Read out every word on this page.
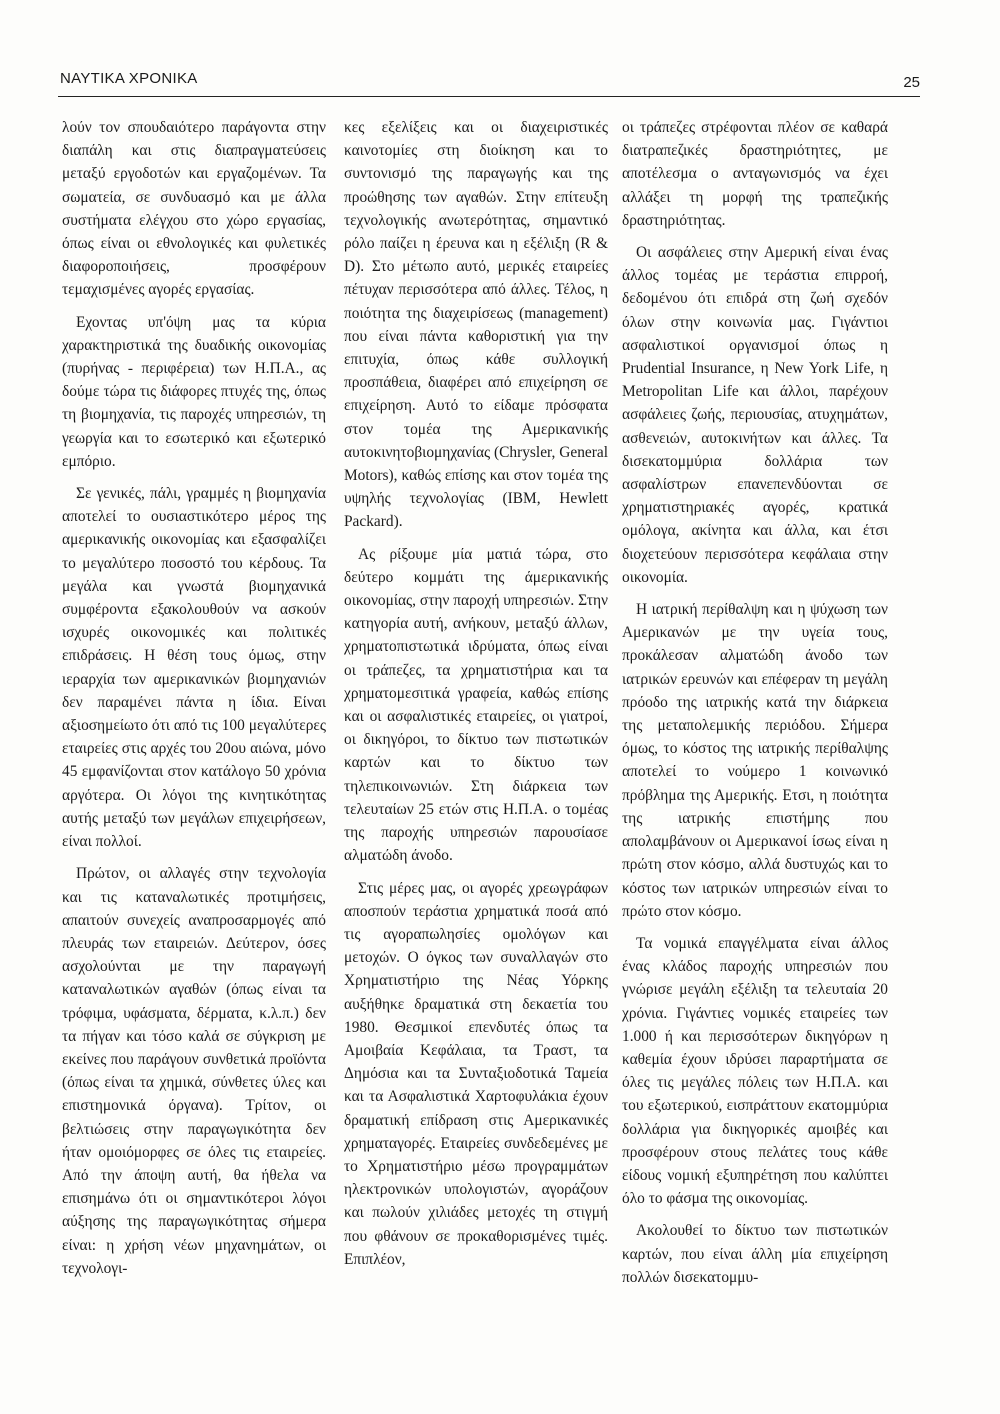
ΝΑΥΤΙΚΑ ΧΡΟΝΙΚΑ	25

λούν τον σπουδαιότερο παράγοντα στην διαπάλη και στις διαπραγματεύσεις μεταξύ εργοδοτών και εργαζομένων. Τα σωματεία, σε συνδυασμό και με άλλα συστήματα ελέγχου στο χώρο εργασίας, όπως είναι οι εθνολογικές και φυλετικές διαφοροποιήσεις, προσφέρουν τεμαχισμένες αγορές εργασίας.

Εχοντας υπ'όψη μας τα κύρια χαρακτηριστικά της δυαδικής οικονομίας (πυρήνας - περιφέρεια) των Η.Π.Α., ας δούμε τώρα τις διάφορες πτυχές της, όπως τη βιομηχανία, τις παροχές υπηρεσιών, τη γεωργία και το εσωτερικό και εξωτερικό εμπόριο.

Σε γενικές, πάλι, γραμμές η βιομηχανία αποτελεί το ουσιαστικότερο μέρος της αμερικανικής οικονομίας και εξασφαλίζει το μεγαλύτερο ποσοστό του κέρδους. Τα μεγάλα και γνωστά βιομηχανικά συμφέροντα εξακολουθούν να ασκούν ισχυρές οικονομικές και πολιτικές επιδράσεις. Η θέση τους όμως, στην ιεραρχία των αμερικανικών βιομηχανιών δεν παραμένει πάντα η ίδια. Είναι αξιοσημείωτο ότι από τις 100 μεγαλύτερες εταιρείες στις αρχές του 20ου αιώνα, μόνο 45 εμφανίζονται στον κατάλογο 50 χρόνια αργότερα. Οι λόγοι της κινητικότητας αυτής μεταξύ των μεγάλων επιχειρήσεων, είναι πολλοί.

Πρώτον, οι αλλαγές στην τεχνολογία και τις καταναλωτικές προτιμήσεις, απαιτούν συνεχείς αναπροσαρμογές από πλευράς των εταιρειών. Δεύτερον, όσες ασχολούνται με την παραγωγή καταναλωτικών αγαθών (όπως είναι τα τρόφιμα, υφάσματα, δέρματα, κ.λ.π.) δεν τα πήγαν και τόσο καλά σε σύγκριση με εκείνες που παράγουν συνθετικά προϊόντα (όπως είναι τα χημικά, σύνθετες ύλες και επιστημονικά όργανα). Τρίτον, οι βελτιώσεις στην παραγωγικότητα δεν ήταν ομοιόμορφες σε όλες τις εταιρείες. Από την άποψη αυτή, θα ήθελα να επισημάνω ότι οι σημαντικότεροι λόγοι αύξησης της παραγωγικότητας σήμερα είναι: η χρήση νέων μηχανημάτων, οι τεχνολογι-

κες εξελίξεις και οι διαχειριστικές καινοτομίες στη διοίκηση και το συντονισμό της παραγωγής και της προώθησης των αγαθών. Στην επίτευξη τεχνολογικής ανωτερότητας, σημαντικό ρόλο παίζει η έρευνα και η εξέλιξη (R & D). Στο μέτωπο αυτό, μερικές εταιρείες πέτυχαν περισσότερα από άλλες. Τέλος, η ποιότητα της διαχειρίσεως (management) που είναι πάντα καθοριστική για την επιτυχία, όπως κάθε συλλογική προσπάθεια, διαφέρει από επιχείρηση σε επιχείρηση. Αυτό το είδαμε πρόσφατα στον τομέα της Αμερικανικής αυτοκινητοβιομηχανίας (Chrysler, General Motors), καθώς επίσης και στον τομέα της υψηλής τεχνολογίας (IBM, Hewlett Packard).

Ας ρίξουμε μία ματιά τώρα, στο δεύτερο κομμάτι της άμερικανικής οικονομίας, στην παροχή υπηρεσιών. Στην κατηγορία αυτή, ανήκουν, μεταξύ άλλων, χρηματοπιστωτικά ιδρύματα, όπως είναι οι τράπεζες, τα χρηματιστήρια και τα χρηματομεσιτικά γραφεία, καθώς επίσης και οι ασφαλιστικές εταιρείες, οι γιατροί, οι δικηγόροι, το δίκτυο των πιστωτικών καρτών και το δίκτυο των τηλεπικοινωνιών. Στη διάρκεια των τελευταίων 25 ετών στις Η.Π.Α. ο τομέας της παροχής υπηρεσιών παρουσίασε αλματώδη άνοδο.

Στις μέρες μας, οι αγορές χρεωγράφων αποσπούν τεράστια χρηματικά ποσά από τις αγοραπωλησίες ομολόγων και μετοχών. Ο όγκος των συναλλαγών στο Χρηματιστήριο της Νέας Υόρκης αυξήθηκε δραματικά στη δεκαετία του 1980. Θεσμικοί επενδυτές όπως τα Αμοιβαία Κεφάλαια, τα Τραστ, τα Δημόσια και τα Συνταξιοδοτικά Ταμεία και τα Ασφαλιστικά Χαρτοφυλάκια έχουν δραματική επίδραση στις Αμερικανικές χρηματαγορές. Εταιρείες συνδεδεμένες με το Χρηματιστήριο μέσω προγραμμάτων ηλεκτρονικών υπολογιστών, αγοράζουν και πωλούν χιλιάδες μετοχές τη στιγμή που φθάνουν σε προκαθορισμένες τιμές. Επιπλέον,

οι τράπεζες στρέφονται πλέον σε καθαρά διατραπεζικές δραστηριότητες, με αποτέλεσμα ο ανταγωνισμός να έχει αλλάξει τη μορφή της τραπεζικής δραστηριότητας.

Οι ασφάλειες στην Αμερική είναι ένας άλλος τομέας με τεράστια επιρροή, δεδομένου ότι επιδρά στη ζωή σχεδόν όλων στην κοινωνία μας. Γιγάντιοι ασφαλιστικοί οργανισμοί όπως η Prudential Insurance, η New York Life, η Metropolitan Life και άλλοι, παρέχουν ασφάλειες ζωής, περιουσίας, ατυχημάτων, ασθενειών, αυτοκινήτων και άλλες. Τα δισεκατομμύρια δολλάρια των ασφαλίστρων επανεπενδύονται σε χρηματιστηριακές αγορές, κρατικά ομόλογα, ακίνητα και άλλα, και έτσι διοχετεύουν περισσότερα κεφάλαια στην οικονομία.

Η ιατρική περίθαλψη και η ψύχωση των Αμερικανών με την υγεία τους, προκάλεσαν αλματώδη άνοδο των ιατρικών ερευνών και επέφεραν τη μεγάλη πρόοδο της ιατρικής κατά την διάρκεια της μεταπολεμικής περιόδου. Σήμερα όμως, το κόστος της ιατρικής περίθαλψης αποτελεί το νούμερο 1 κοινωνικό πρόβλημα της Αμερικής. Ετσι, η ποιότητα της ιατρικής επιστήμης που απολαμβάνουν οι Αμερικανοί ίσως είναι η πρώτη στον κόσμο, αλλά δυστυχώς και το κόστος των ιατρικών υπηρεσιών είναι το πρώτο στον κόσμο.

Τα νομικά επαγγέλματα είναι άλλος ένας κλάδος παροχής υπηρεσιών που γνώρισε μεγάλη εξέλιξη τα τελευταία 20 χρόνια. Γιγάντιες νομικές εταιρείες των 1.000 ή και περισσότερων δικηγόρων η καθεμία έχουν ιδρύσει παραρτήματα σε όλες τις μεγάλες πόλεις των Η.Π.Α. και του εξωτερικού, εισπράττουν εκατομμύρια δολλάρια για δικηγορικές αμοιβές και προσφέρουν στους πελάτες τους κάθε είδους νομική εξυπηρέτηση που καλύπτει όλο το φάσμα της οικονομίας.

Ακολουθεί το δίκτυο των πιστωτικών καρτών, που είναι άλλη μία επιχείρηση πολλών δισεκατομμυ-
